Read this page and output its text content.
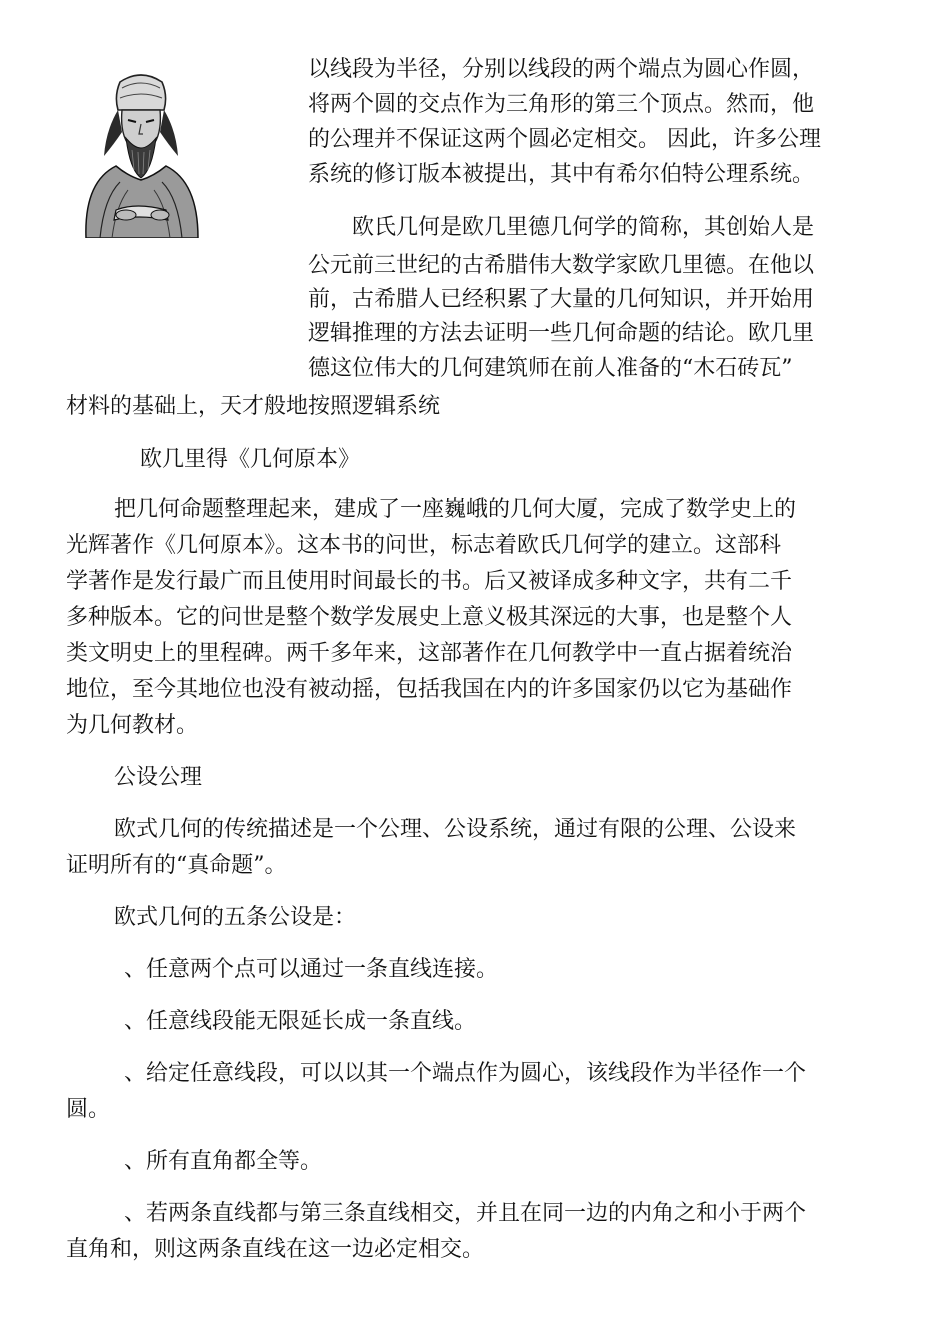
以线段为半径，分别以线段的两个端点为圆心作圆，
将两个圆的交点作为三角形的第三个顶点。然而，他
的公理并不保证这两个圆必定相交。 因此，许多公理
系统的修订版本被提出，其中有希尔伯特公理系统。
欧氏几何是欧几里德几何学的简称，其创始人是
公元前三世纪的古希腊伟大数学家欧几里德。在他以
前，古希腊人已经积累了大量的几何知识，并开始用
逻辑推理的方法去证明一些几何命题的结论。欧几里
德这位伟大的几何建筑师在前人准备的“木石砖瓦”
材料的基础上，天才般地按照逻辑系统
欧几里得《几何原本》
把几何命题整理起来，建成了一座巍峨的几何大厦，完成了数学史上的
光辉著作《几何原本》。这本书的问世，标志着欧氏几何学的建立。这部科
学著作是发行最广而且使用时间最长的书。后又被译成多种文字，共有二千
多种版本。它的问世是整个数学发展史上意义极其深远的大事，也是整个人
类文明史上的里程碑。两千多年来，这部著作在几何教学中一直占据着统治
地位，至今其地位也没有被动摇，包括我国在内的许多国家仍以它为基础作
为几何教材。
公设公理
欧式几何的传统描述是一个公理、公设系统，通过有限的公理、公设来
证明所有的“真命题”。
欧式几何的五条公设是：
、任意两个点可以通过一条直线连接。
、任意线段能无限延长成一条直线。
、给定任意线段，可以以其一个端点作为圆心，该线段作为半径作一个
圆。
、所有直角都全等。
、若两条直线都与第三条直线相交，并且在同一边的内角之和小于两个
直角和，则这两条直线在这一边必定相交。
